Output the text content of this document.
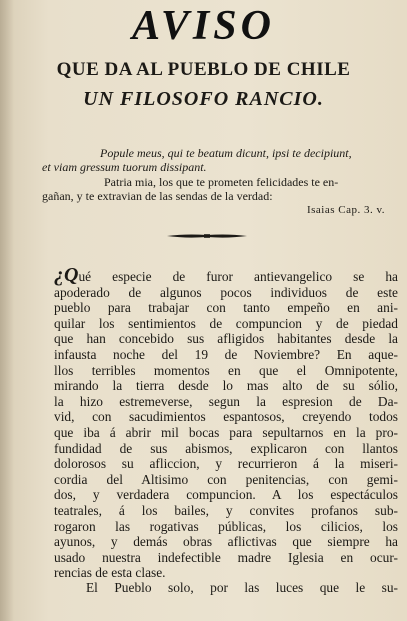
AVISO
QUE DA AL PUEBLO DE CHILE
UN FILOSOFO RANCIO.
Popule meus, qui te beatum dicunt, ipsi te decipiunt,
et viam gressum tuorum dissipant.
Patria mia, los que te prometen felicidades te en-
gañan, y te extravian de las sendas de la verdad:
Isaias Cap. 3. v.
¿Qué especie de furor antievangelico se ha
apoderado de algunos pocos individuos de este
pueblo para trabajar con tanto empeño en ani-
quilar los sentimientos de compuncion y de piedad
que han concebido sus afligidos habitantes desde la
infausta noche del 19 de Noviembre? En aque-
llos terribles momentos en que el Omnipotente,
mirando la tierra desde lo mas alto de su sólio,
la hizo estremeverse, segun la espresion de Da-
vid, con sacudimientos espantosos, creyendo todos
que iba á abrir mil bocas para sepultarnos en la pro-
fundidad de sus abismos, explicaron con llantos
dolorosos su afliccion, y recurrieron á la miseri-
cordia del Altisimo con penitencias, con gemi-
dos, y verdadera compuncion. A los espectáculos
teatrales, á los bailes, y convites profanos sub-
rogaron las rogativas públicas, los cilicios, los
ayunos, y demás obras aflictivas que siempre ha
usado nuestra indefectible madre Iglesia en ocur-
rencias de esta clase.
El Pueblo solo, por las luces que le su-
